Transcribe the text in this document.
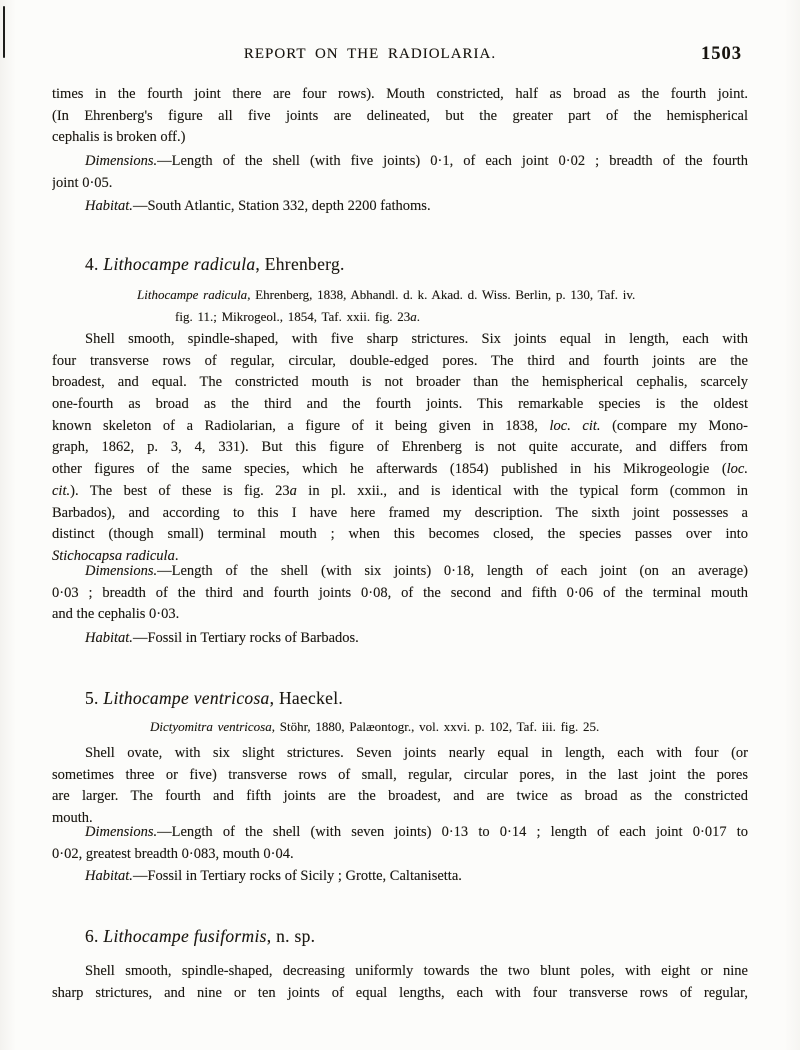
REPORT ON THE RADIOLARIA.	1503
times in the fourth joint there are four rows). Mouth constricted, half as broad as the fourth joint.
(In Ehrenberg's figure all five joints are delineated, but the greater part of the hemispherical
cephalis is broken off.)
Dimensions.—Length of the shell (with five joints) 0·1, of each joint 0·02 ; breadth of the fourth
joint 0·05.
Habitat.—South Atlantic, Station 332, depth 2200 fathoms.
4. Lithocampe radicula, Ehrenberg.
Lithocampe radicula, Ehrenberg, 1838, Abhandl. d. k. Akad. d. Wiss. Berlin, p. 130, Taf. iv.
fig. 11.; Mikrogeol., 1854, Taf. xxii. fig. 23a.
Shell smooth, spindle-shaped, with five sharp strictures. Six joints equal in length, each with
four transverse rows of regular, circular, double-edged pores. The third and fourth joints are the
broadest, and equal. The constricted mouth is not broader than the hemispherical cephalis, scarcely
one-fourth as broad as the third and the fourth joints. This remarkable species is the oldest
known skeleton of a Radiolarian, a figure of it being given in 1838, loc. cit. (compare my Mono-
graph, 1862, p. 3, 4, 331). But this figure of Ehrenberg is not quite accurate, and differs from
other figures of the same species, which he afterwards (1854) published in his Mikrogeologie (loc.
cit.). The best of these is fig. 23a in pl. xxii., and is identical with the typical form (common in
Barbados), and according to this I have here framed my description. The sixth joint possesses a
distinct (though small) terminal mouth ; when this becomes closed, the species passes over into
Stichocapsa radicula.
Dimensions.—Length of the shell (with six joints) 0·18, length of each joint (on an average)
0·03 ; breadth of the third and fourth joints 0·08, of the second and fifth 0·06 of the terminal mouth
and the cephalis 0·03.
Habitat.—Fossil in Tertiary rocks of Barbados.
5. Lithocampe ventricosa, Haeckel.
Dictyomitra ventricosa, Stöhr, 1880, Palæontogr., vol. xxvi. p. 102, Taf. iii. fig. 25.
Shell ovate, with six slight strictures. Seven joints nearly equal in length, each with four (or
sometimes three or five) transverse rows of small, regular, circular pores, in the last joint the pores
are larger. The fourth and fifth joints are the broadest, and are twice as broad as the constricted
mouth.
Dimensions.—Length of the shell (with seven joints) 0·13 to 0·14 ; length of each joint 0·017 to
0·02, greatest breadth 0·083, mouth 0·04.
Habitat.—Fossil in Tertiary rocks of Sicily ; Grotte, Caltanisetta.
6. Lithocampe fusiformis, n. sp.
Shell smooth, spindle-shaped, decreasing uniformly towards the two blunt poles, with eight or nine
sharp strictures, and nine or ten joints of equal lengths, each with four transverse rows of regular,
